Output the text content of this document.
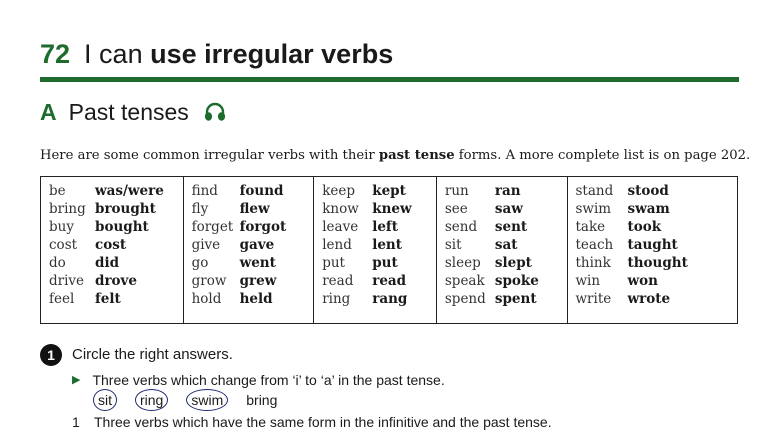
72 I can use irregular verbs
A Past tenses
Here are some common irregular verbs with their past tense forms. A more complete list is on page 202.
be	was/were
bring brought
buy	bought
cost	cost
do	did
drive drove
feel	felt
find	found
fly	flew
forget forgot
give	gave
go	went
grow grew
hold	held
keep	kept
know knew
leave	left
lend	lent
put	put
read	read
ring	rang
run	ran
see	saw
send	sent
sit	sat
sleep	slept
speak spoke
spend spent
stand	stood
swim	swam
take	took
teach	taught
think	thought
win	won
write	wrote
1	Circle the right answers.
▶ Three verbs which change from ‘i’ to ‘a’ in the past tense.
sit	ring	swim	bring
1 Three verbs which have the same form in the infinitive and the past tense.
